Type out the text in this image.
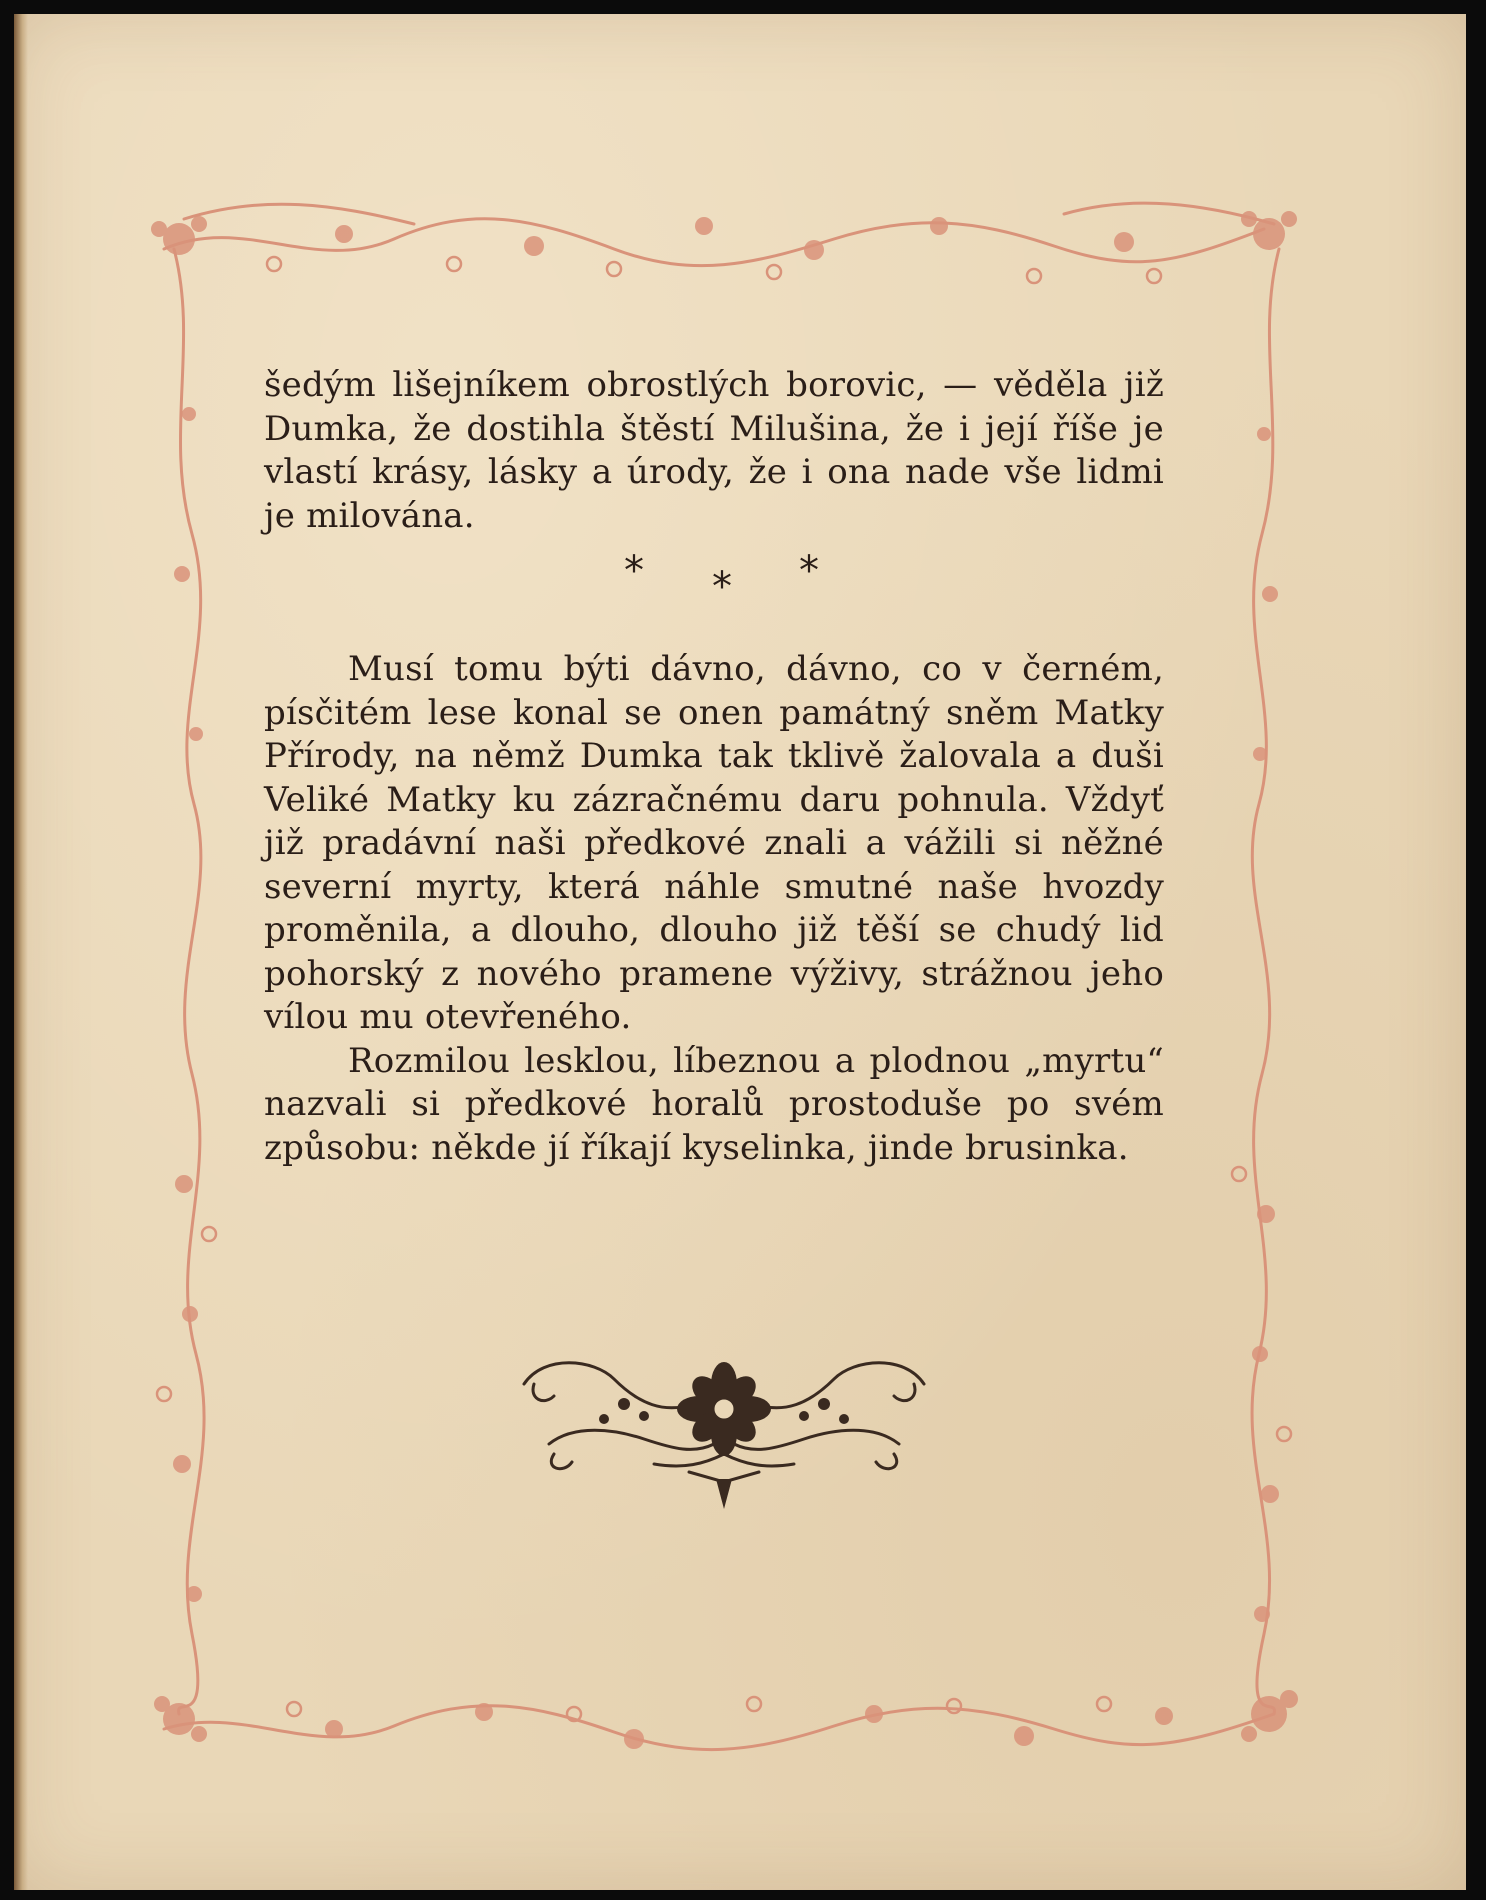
šedým lišejníkem obrostlých borovic, — věděla již Dumka, že dostihla štěstí Milušina, že i její říše je vlastí krásy, lásky a úrody, že i ona nade vše lidmi je milována.

* * *

Musí tomu býti dávno, dávno, co v černém, písčitém lese konal se onen památný sněm Matky Přírody, na němž Dumka tak tklivě žalovala a duši Veliké Matky ku zázračnému daru pohnula. Vždyť již pradávní naši předkové znali a vážili si něžné severní myrty, která náhle smutné naše hvozdy proměnila, a dlouho, dlouho již těší se chudý lid pohorský z nového pramene výživy, strážnou jeho vílou mu otevřeného.

Rozmilou lesklou, líbeznou a plodnou „myrtu“ nazvali si předkové horalů prostoduše po svém způsobu: někde jí říkají kyselinka, jinde brusinka.
